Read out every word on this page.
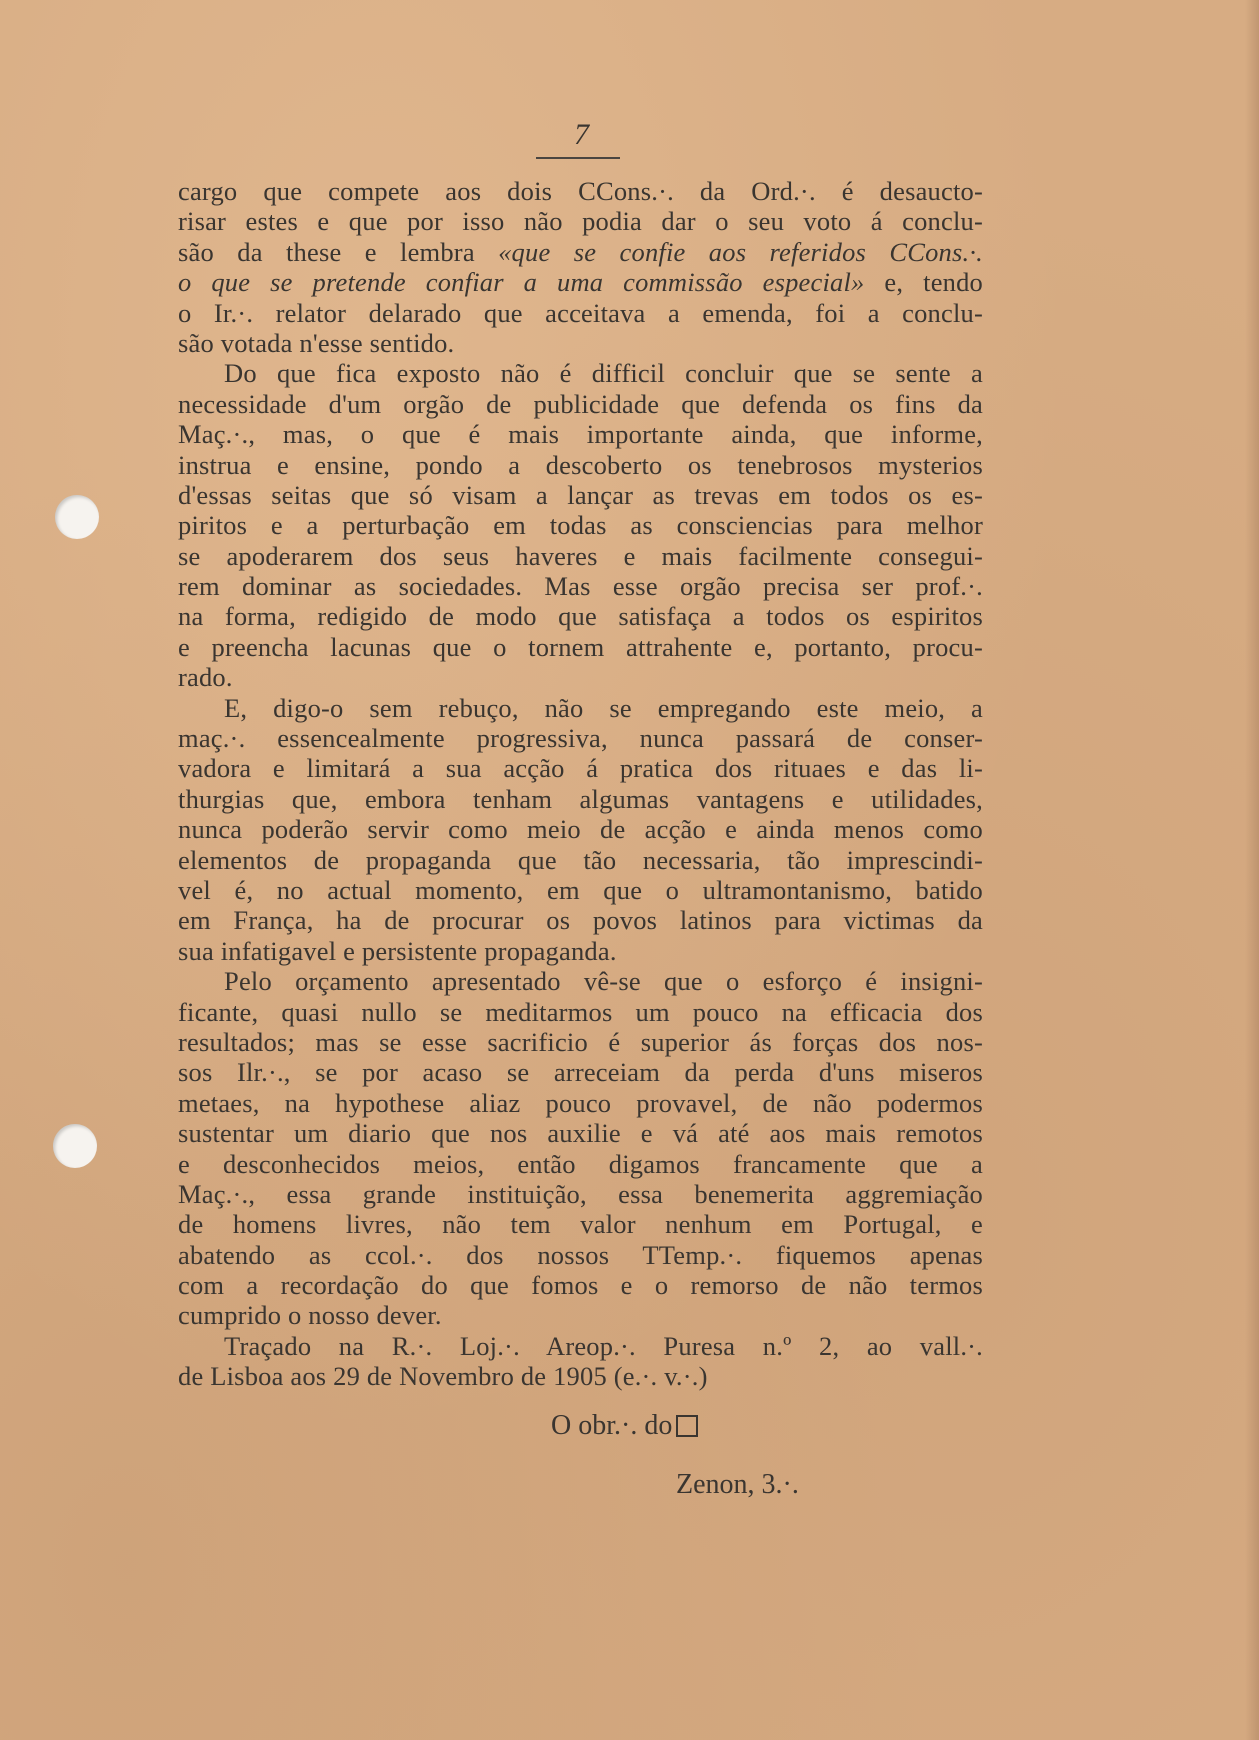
7
cargo que compete aos dois CCons.·. da Ord.·. é desaucto-
risar estes e que por isso não podia dar o seu voto á conclu-
são da these e lembra «que se confie aos referidos CCons.·.
o que se pretende confiar a uma commissão especial» e, tendo
o Ir.·. relator delarado que acceitava a emenda, foi a conclu-
são votada n'esse sentido.
Do que fica exposto não é difficil concluir que se sente a
necessidade d'um orgão de publicidade que defenda os fins da
Maç.·., mas, o que é mais importante ainda, que informe,
instrua e ensine, pondo a descoberto os tenebrosos mysterios
d'essas seitas que só visam a lançar as trevas em todos os es-
piritos e a perturbação em todas as consciencias para melhor
se apoderarem dos seus haveres e mais facilmente consegui-
rem dominar as sociedades. Mas esse orgão precisa ser prof.·.
na forma, redigido de modo que satisfaça a todos os espiritos
e preencha lacunas que o tornem attrahente e, portanto, procu-
rado.
E, digo-o sem rebuço, não se empregando este meio, a
maç.·. essencealmente progressiva, nunca passará de conser-
vadora e limitará a sua acção á pratica dos rituaes e das li-
thurgias que, embora tenham algumas vantagens e utilidades,
nunca poderão servir como meio de acção e ainda menos como
elementos de propaganda que tão necessaria, tão imprescindi-
vel é, no actual momento, em que o ultramontanismo, batido
em França, ha de procurar os povos latinos para victimas da
sua infatigavel e persistente propaganda.
Pelo orçamento apresentado vê-se que o esforço é insigni-
ficante, quasi nullo se meditarmos um pouco na efficacia dos
resultados; mas se esse sacrificio é superior ás forças dos nos-
sos Ilr.·., se por acaso se arreceiam da perda d'uns miseros
metaes, na hypothese aliaz pouco provavel, de não podermos
sustentar um diario que nos auxilie e vá até aos mais remotos
e desconhecidos meios, então digamos francamente que a
Maç.·., essa grande instituição, essa benemerita aggremiação
de homens livres, não tem valor nenhum em Portugal, e
abatendo as ccol.·. dos nossos TTemp.·. fiquemos apenas
com a recordação do que fomos e o remorso de não termos
cumprido o nosso dever.
Traçado na R.·. Loj.·. Areop.·. Puresa n.º 2, ao vall.·.
de Lisboa aos 29 de Novembro de 1905 (e.·. v.·.)
O obr.·. do
Zenon, 3.·.
